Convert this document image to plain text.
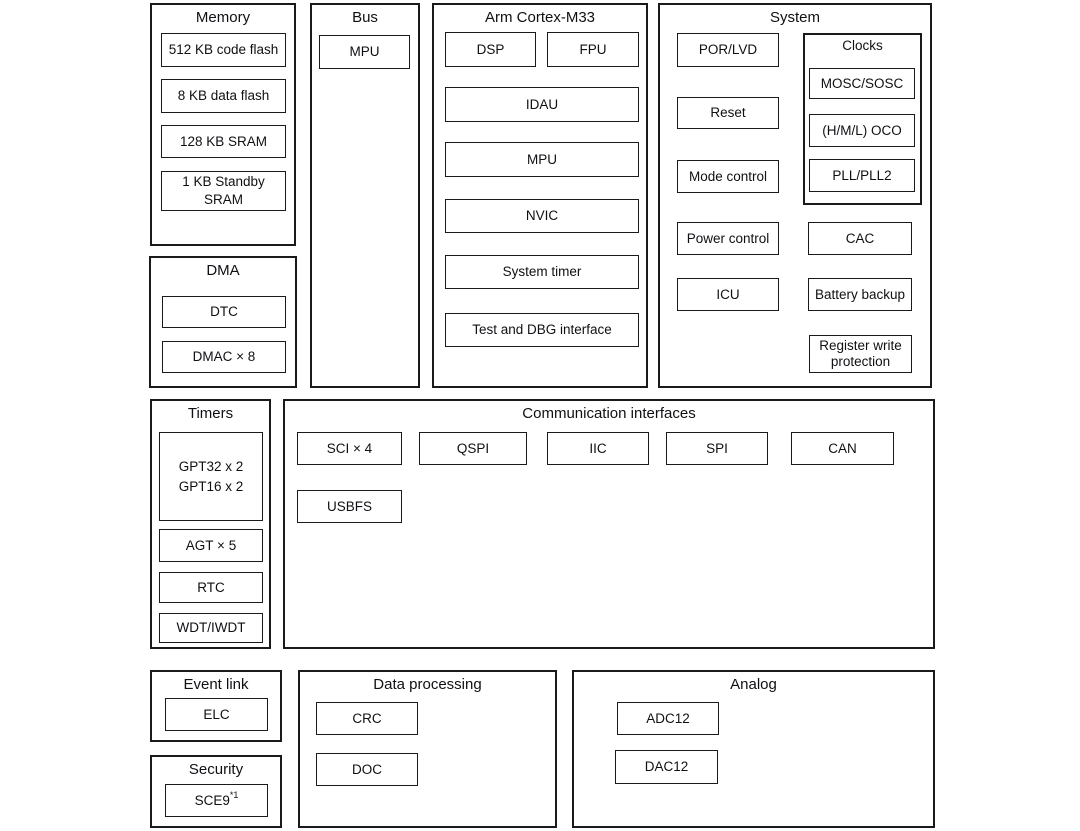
Memory
512 KB code flash
8 KB data flash
128 KB SRAM
1 KB Standby
SRAM
Bus
MPU
Arm Cortex-M33
DSP	FPU
IDAU
MPU
NVIC
System timer
Test and DBG interface
System
POR/LVD
Reset
Mode control
Power control
ICU
Clocks
MOSC/SOSC
(H/M/L) OCO
PLL/PLL2
CAC
Battery backup
Register write
protection
DMA
DTC
DMAC × 8
Timers
GPT32 x 2
GPT16 x 2
AGT × 5
RTC
WDT/IWDT
Communication interfaces
SCI × 4	QSPI	IIC	SPI	CAN
USBFS
Event link
ELC
Security
SCE9 *1
Data processing
CRC
DOC
Analog
ADC12
DAC12
